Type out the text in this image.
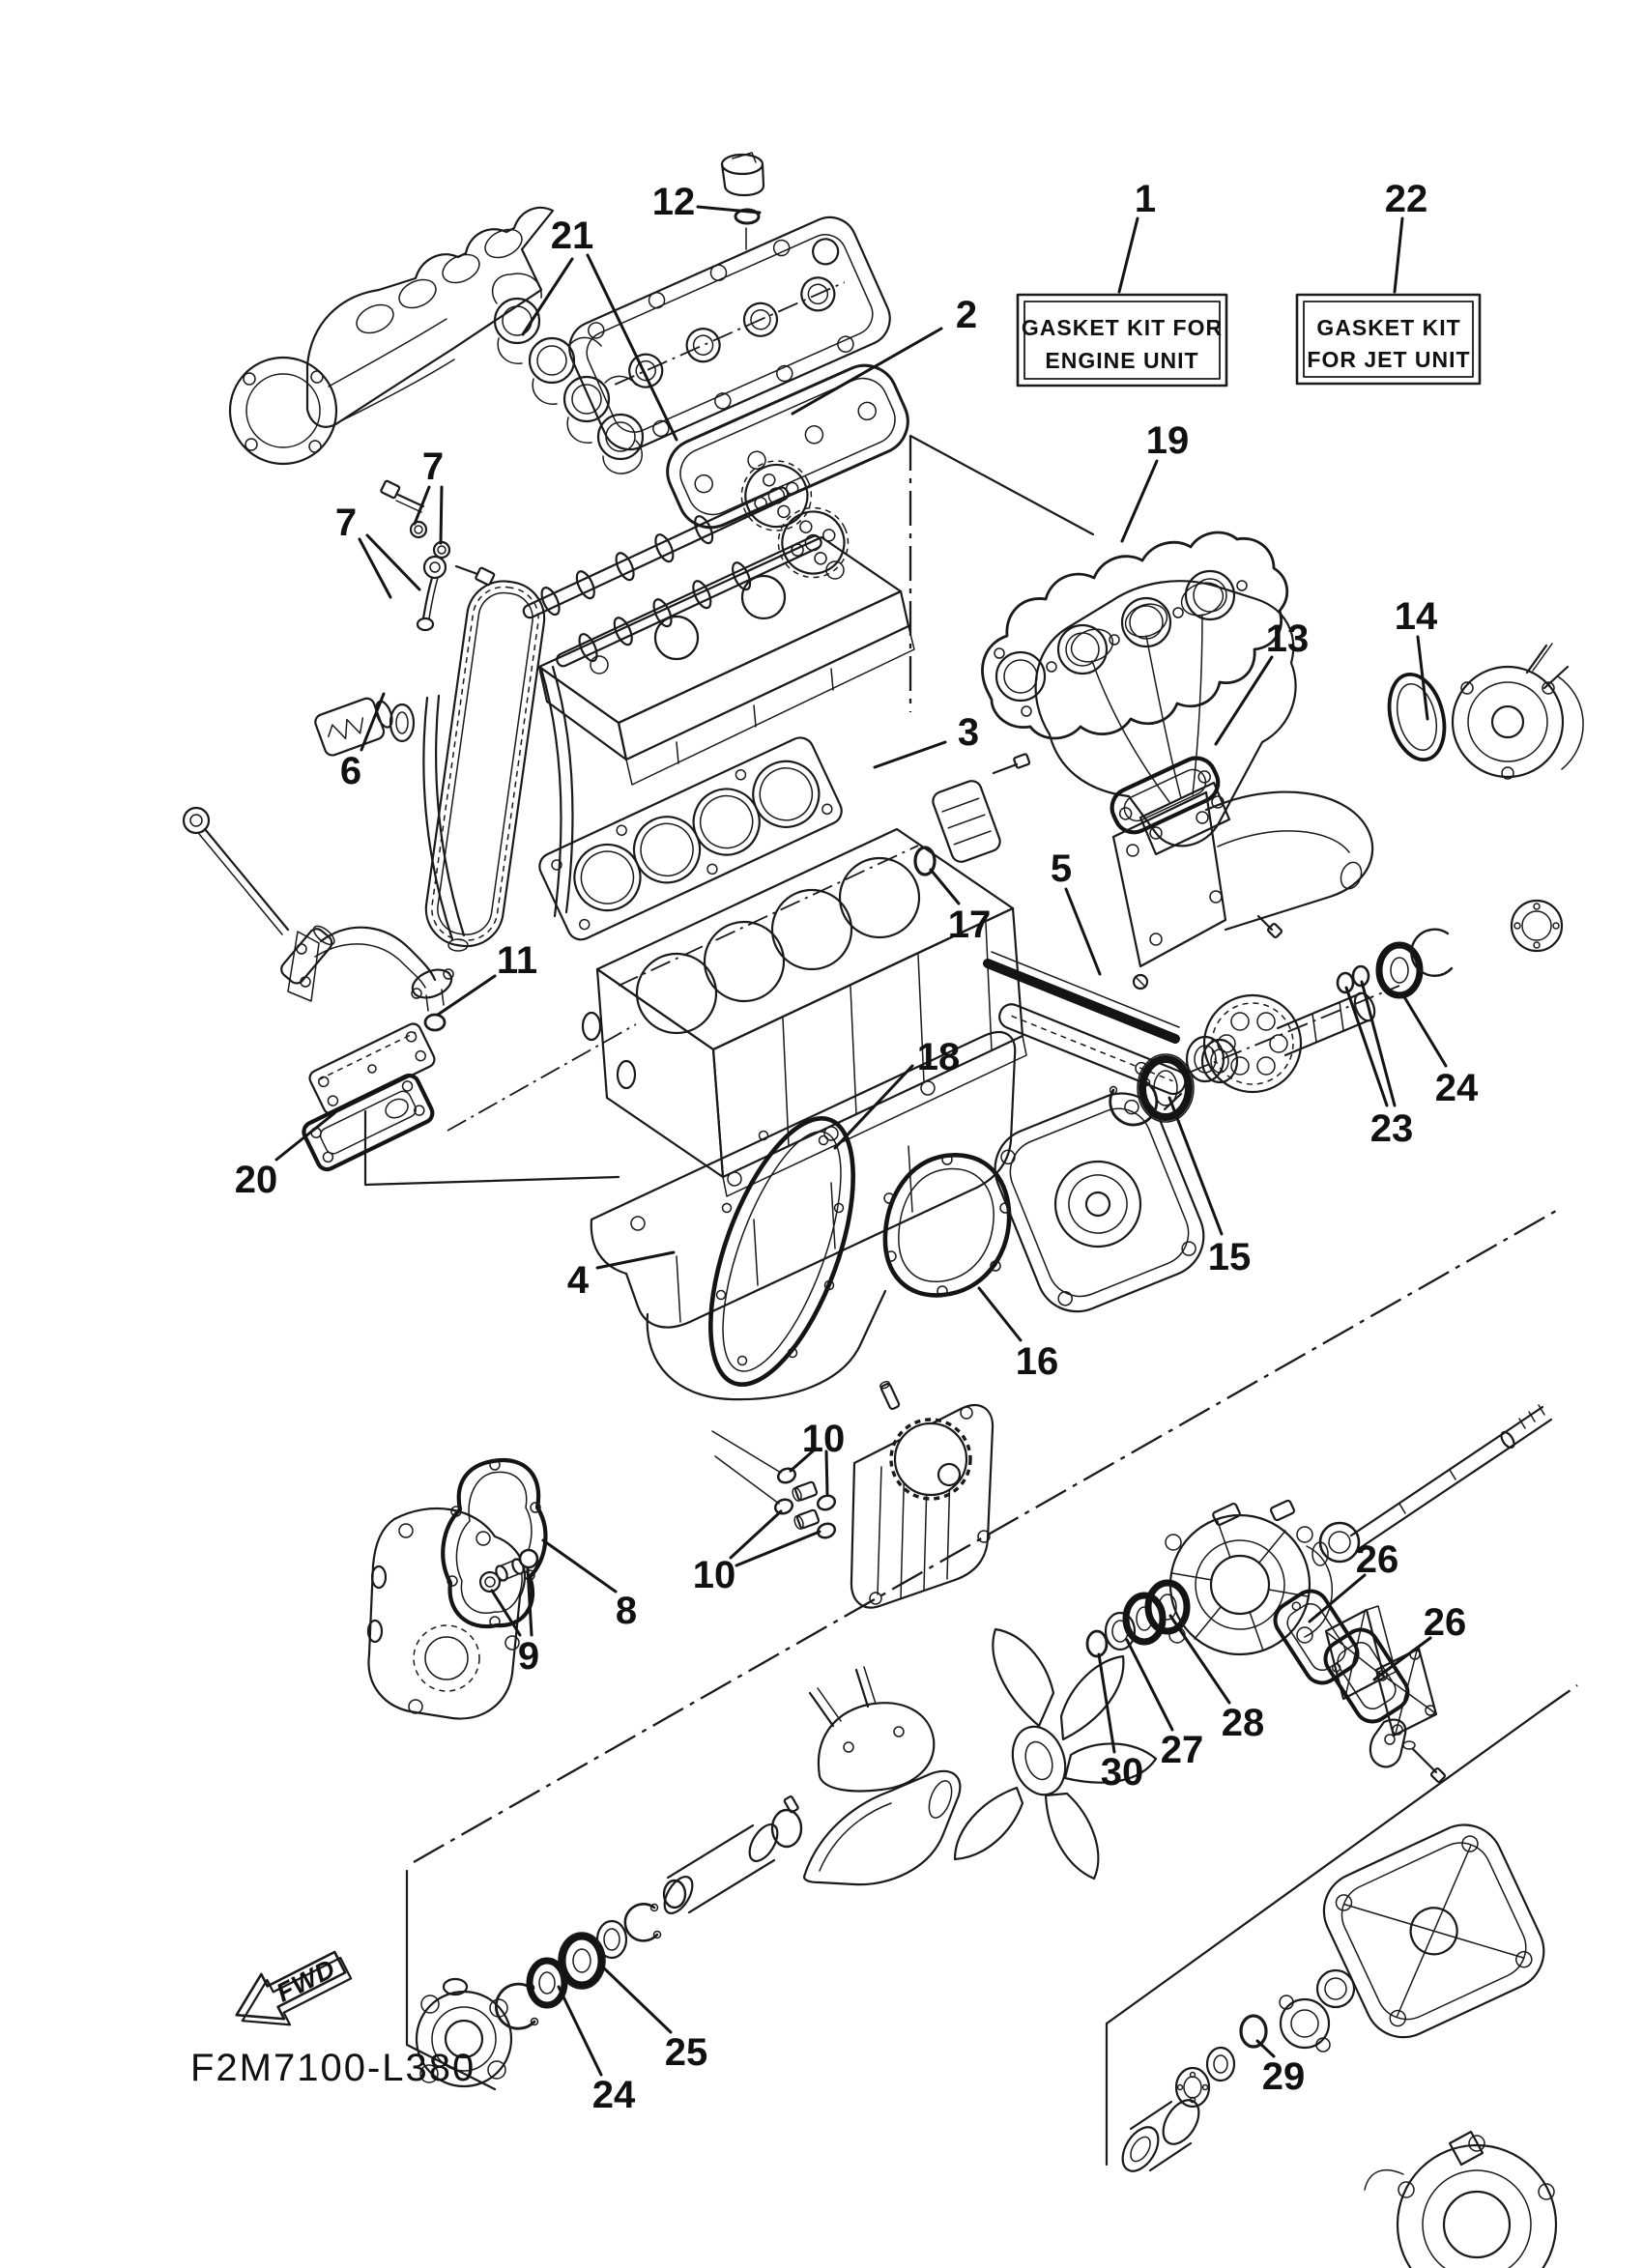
GASKET KIT FOR
ENGINE UNIT
GASKET KIT
FOR JET UNIT
FWD
F2M7100-L380
12
21
2
1	22
7
7
6
19
13
14
3
17
5
11
18
4
20
16
15
23
24
10
10
8
9
26
26
28
27
30
25
24	29
